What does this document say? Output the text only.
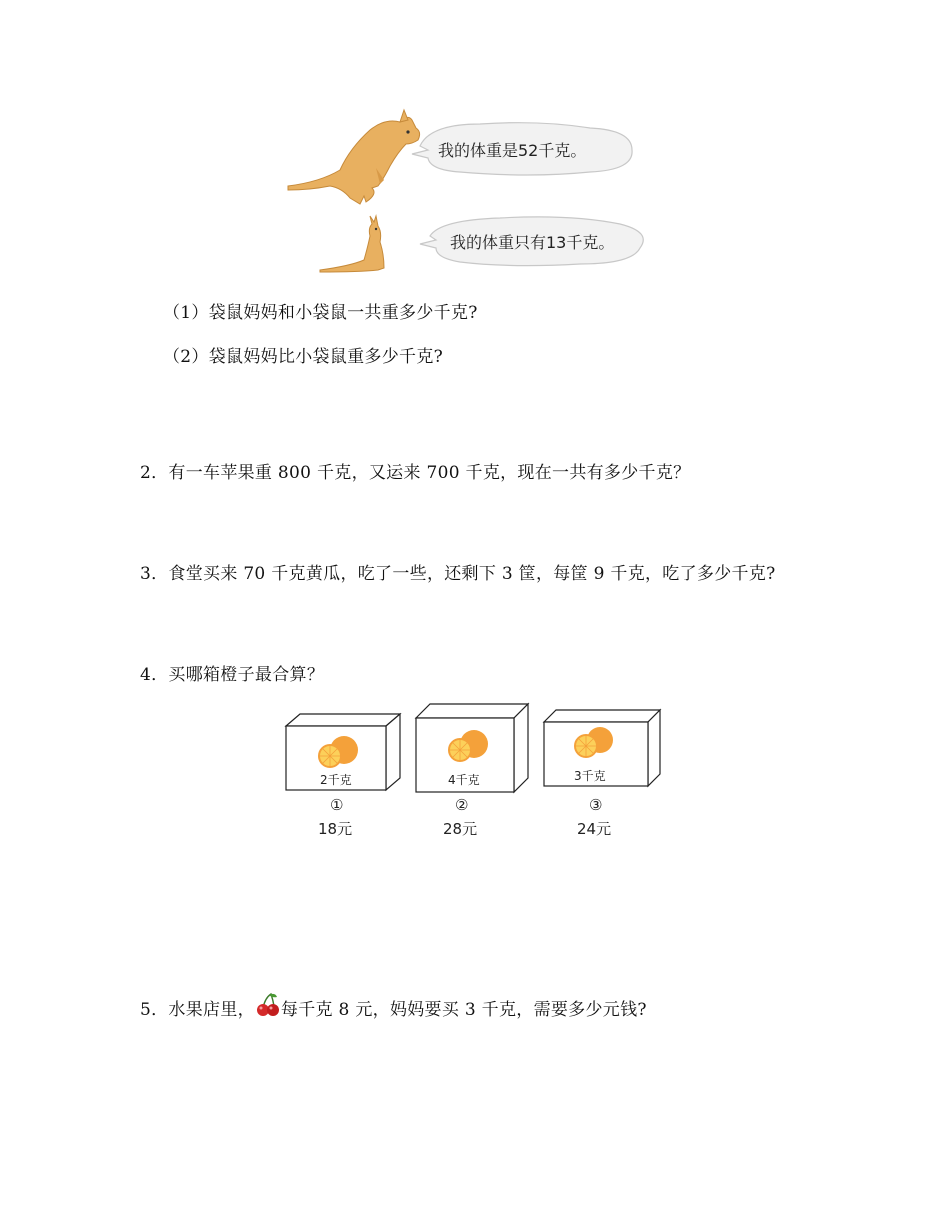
我的体重是52千克。
我的体重只有13千克。
（1）袋鼠妈妈和小袋鼠一共重多少千克?
（2）袋鼠妈妈比小袋鼠重多少千克?
2．有一车苹果重 800 千克，又运来 700 千克，现在一共有多少千克？
3．食堂买来 70 千克黄瓜，吃了一些，还剩下 3 筐，每筐 9 千克，吃了多少千克?
4．买哪箱橙子最合算？
2千克
①
18元
4千克
②
28元
3千克
③
24元
5．水果店里， 每千克 8 元，妈妈要买 3 千克，需要多少元钱?
